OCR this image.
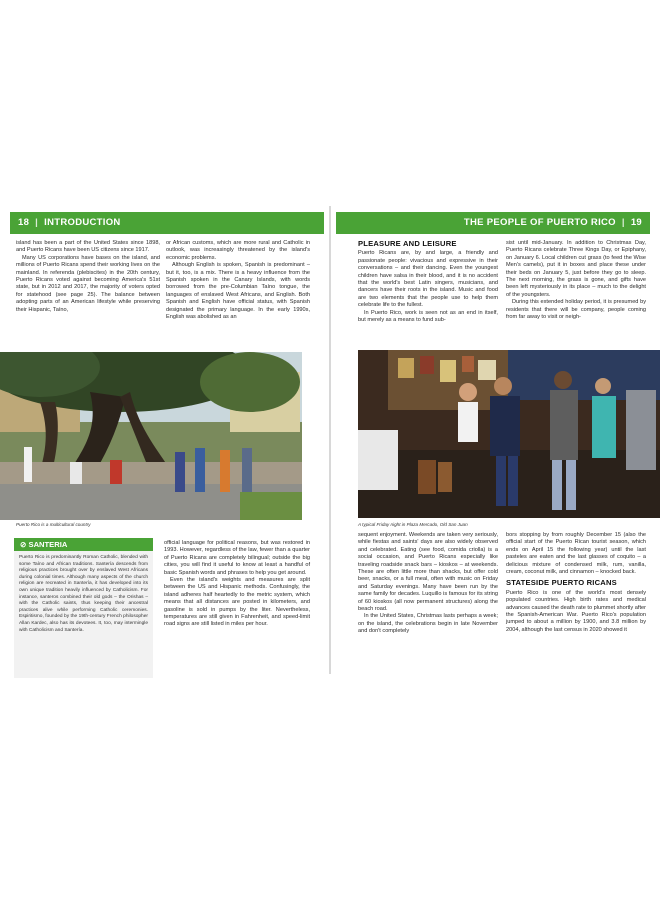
18 | INTRODUCTION

island has been a part of the United States since 1898, and Puerto Ricans have been US citizens since 1917.

Many US corporations have bases on the island, and millions of Puerto Ricans spend their working lives on the mainland. In referenda (plebiscites) in the 20th century, Puerto Ricans voted against becoming America's 51st state, but in 2012 and 2017, the majority of voters opted for statehood (see page 25). The balance between adopting parts of an American lifestyle while preserving their Hispanic, Taíno,

or African customs, which are more rural and Catholic in outlook, was increasingly threatened by the island's economic problems.

Although English is spoken, Spanish is predominant – but it, too, is a mix. There is a heavy influence from the Spanish spoken in the Canary Islands, with words borrowed from the pre-Columbian Taíno tongue, the languages of enslaved West Africans, and English. Both Spanish and English have official status, with Spanish designated the primary language. In the early 1990s, English was abolished as an

Puerto Rico is a multicultural country
⊘ SANTERIA
Puerto Rico is predominantly Roman Catholic, blended with some Taíno and African traditions. Santería descends from religious practices brought over by enslaved West Africans during colonial times. Although many aspects of the church religion are recreated in Santería, it has developed into its own unique tradition heavily influenced by Catholicism. For instance, santeros combined their old gods – the Orishas – with the Catholic saints, thus keeping their ancestral practices alive while performing Catholic ceremonies. Espiritismo, founded by the 19th-century French philosopher Allan Kardec, also has its devotees. It, too, may intermingle with Catholicism and Santería.

official language for political reasons, but was restored in 1993. However, regardless of the law, fewer than a quarter of Puerto Ricans are completely bilingual; outside the big cities, you will find it useful to know at least a handful of basic Spanish words and phrases to help you get around.

Even the island's weights and measures are split between the US and Hispanic methods. Confusingly, the island adheres half heartedly to the metric system, which means that all distances are posted in kilometers, and gasoline is sold in pumps by the liter. Nevertheless, temperatures are still given in Fahrenheit, and speed-limit road signs are still listed in miles per hour.

THE PEOPLE OF PUERTO RICO | 19
PLEASURE AND LEISURE

Puerto Ricans are, by and large, a friendly and passionate people: vivacious and expressive in their conversations – and their dancing. Even the youngest children have salsa in their blood, and it is no accident that the world's best Latin singers, musicians, and dancers have their roots in the island. Music and food are two elements that the people use to help them celebrate life to the fullest.

In Puerto Rico, work is seen not as an end in itself, but merely as a means to fund sub-

sist until mid-January. In addition to Christmas Day, Puerto Ricans celebrate Three Kings Day, or Epiphany, on January 6. Local children cut grass (to feed the Wise Men's camels), put it in boxes and place these under their beds on January 5, just before they go to sleep. The next morning, the grass is gone, and gifts have been left mysteriously in its place – much to the delight of the youngsters.

During this extended holiday period, it is presumed by residents that there will be company, people coming from far away to visit or neigh-

A typical Friday night in Plaza Mercado, Old San Juan

sequent enjoyment. Weekends are taken very seriously, while fiestas and saints' days are also widely observed and celebrated. Eating (see food, comida criolla) is a social occasion, and Puerto Ricans especially like traveling roadside snack bars – kioskos – at weekends. These are often little more than shacks, but offer cold beer, snacks, or a full meal, often with music on Friday and Saturday evenings. Many have been run by the same family for decades. Luquillo is famous for its string of 60 kioskos (all now permanent structures) along the beach road.

In the United States, Christmas lasts perhaps a week; on the island, the celebrations begin in late November and don't completely

bors stopping by from roughly December 15 (also the official start of the Puerto Rican tourist season, which ends on April 15 the following year) until the last pasteles are eaten and the last glasses of coquito – a delicious mixture of condensed milk, rum, vanilla, cream, coconut milk, and cinnamon – knocked back.

STATESIDE PUERTO RICANS

Puerto Rico is one of the world's most densely populated countries. High birth rates and medical advances caused the death rate to plummet shortly after the Spanish-American War. Puerto Rico's population jumped to about a million by 1900, and 3.8 million by 2004, although the last census in 2020 showed it
